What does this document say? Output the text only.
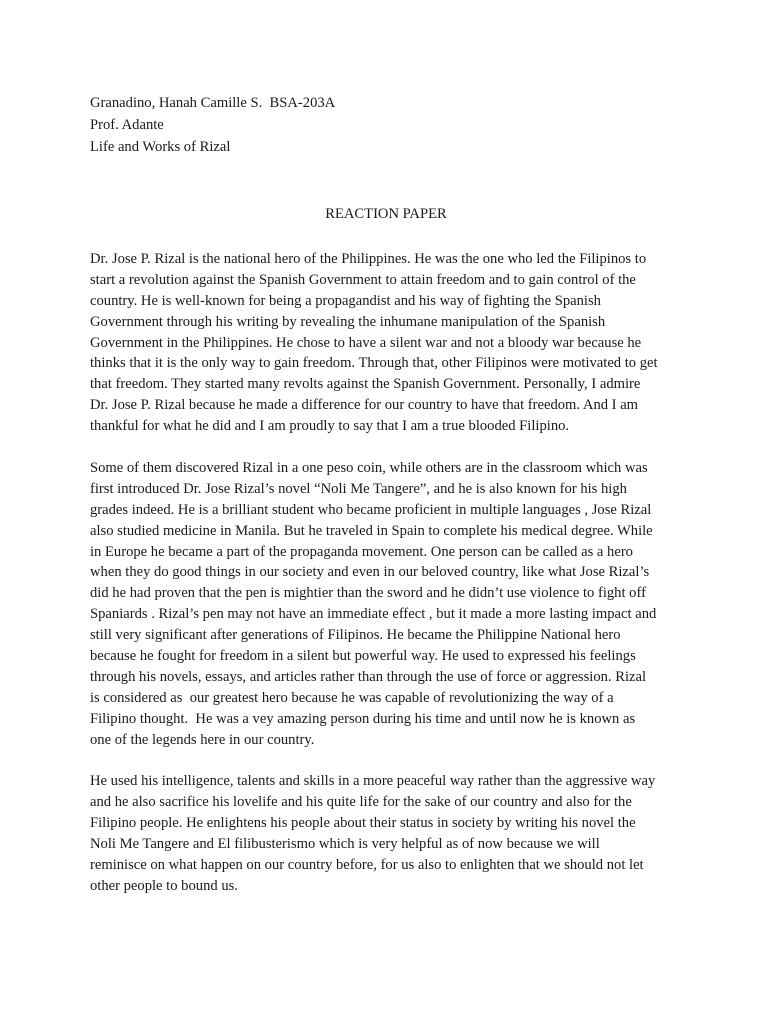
Granadino, Hanah Camille S.  BSA-203A
Prof. Adante
Life and Works of Rizal
REACTION PAPER
Dr. Jose P. Rizal is the national hero of the Philippines. He was the one who led the Filipinos to
start a revolution against the Spanish Government to attain freedom and to gain control of the
country. He is well-known for being a propagandist and his way of fighting the Spanish
Government through his writing by revealing the inhumane manipulation of the Spanish
Government in the Philippines. He chose to have a silent war and not a bloody war because he
thinks that it is the only way to gain freedom. Through that, other Filipinos were motivated to get
that freedom. They started many revolts against the Spanish Government. Personally, I admire
Dr. Jose P. Rizal because he made a difference for our country to have that freedom. And I am
thankful for what he did and I am proudly to say that I am a true blooded Filipino.
Some of them discovered Rizal in a one peso coin, while others are in the classroom which was
first introduced Dr. Jose Rizal’s novel “Noli Me Tangere”, and he is also known for his high
grades indeed. He is a brilliant student who became proficient in multiple languages , Jose Rizal
also studied medicine in Manila. But he traveled in Spain to complete his medical degree. While
in Europe he became a part of the propaganda movement. One person can be called as a hero
when they do good things in our society and even in our beloved country, like what Jose Rizal’s
did he had proven that the pen is mightier than the sword and he didn’t use violence to fight off
Spaniards . Rizal’s pen may not have an immediate effect , but it made a more lasting impact and
still very significant after generations of Filipinos. He became the Philippine National hero
because he fought for freedom in a silent but powerful way. He used to expressed his feelings
through his novels, essays, and articles rather than through the use of force or aggression. Rizal
is considered as  our greatest hero because he was capable of revolutionizing the way of a
Filipino thought.  He was a vey amazing person during his time and until now he is known as
one of the legends here in our country.
He used his intelligence, talents and skills in a more peaceful way rather than the aggressive way
and he also sacrifice his lovelife and his quite life for the sake of our country and also for the
Filipino people. He enlightens his people about their status in society by writing his novel the
Noli Me Tangere and El filibusterismo which is very helpful as of now because we will
reminisce on what happen on our country before, for us also to enlighten that we should not let
other people to bound us.
